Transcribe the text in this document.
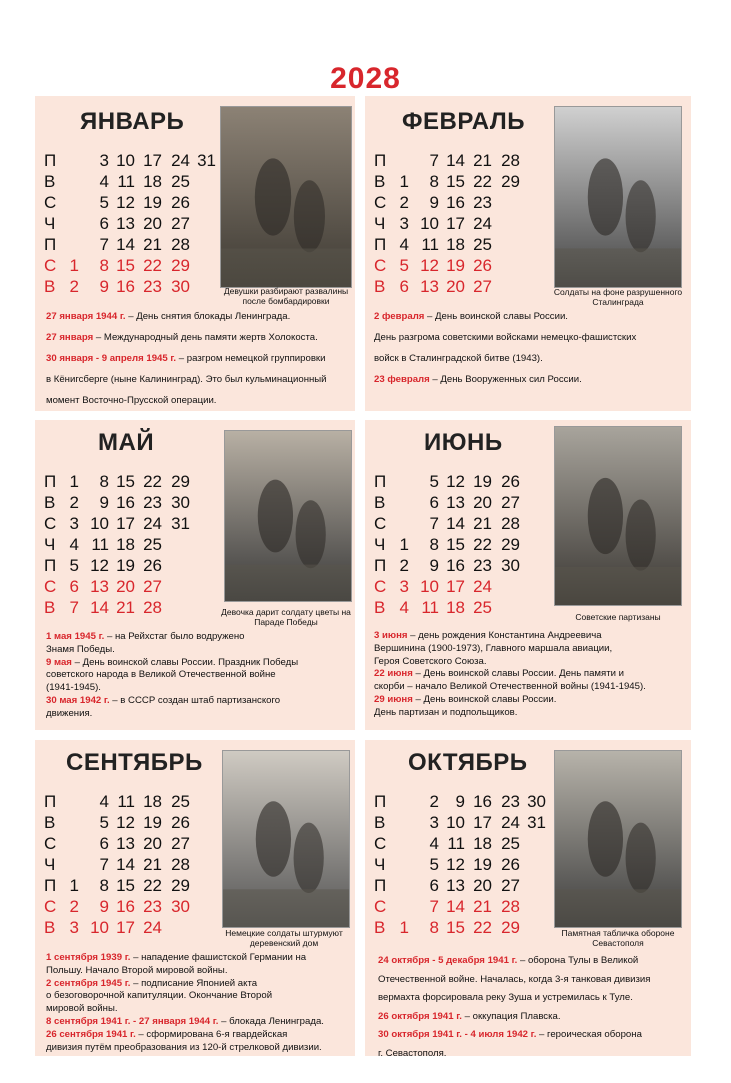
2028
ЯНВАРЬ
П	3 10 17 24 31
В	4 11 18 25
С	5 12 19 26
Ч	6 13 20 27
П	7 14 21 28
С 1	8 15 22 29
В 2	9 16 23 30	Девушки разбирают развалины после бомбардировки
27 января 1944 г. – День снятия блокады Ленинграда.
27 января – Международный день памяти жертв Холокоста.
30 января - 9 апреля 1945 г. – разгром немецкой группировки
в Кёнигсберге (ныне Калининград). Это был кульминационный
момент Восточно-Прусской операции.
ФЕВРАЛЬ
П	7 14 21 28
В 1	8 15 22 29
С 2	9 16 23
Ч 3 10 17 24
П 4 11 18 25
С 5 12 19 26
В 6 13 20 27	Солдаты на фоне разрушенного Сталинграда
2 февраля – День воинской славы России.
День разгрома советскими войсками немецко-фашистских
войск в Сталинградской битве (1943).
23 февраля – День Вооруженных сил России.
МАЙ
П 1	8 15 22 29
В 2	9 16 23 30
С 3 10 17 24 31
Ч 4 11 18 25
П 5 12 19 26
С 6 13 20 27
В 7 14 21 28	Девочка дарит солдату цветы на Параде Победы
1 мая 1945 г. – на Рейхстаг было водружено
Знамя Победы.
9 мая – День воинской славы России. Праздник Победы
советского народа в Великой Отечественной войне
(1941-1945).
30 мая 1942 г. – в СССР создан штаб партизанского
движения.
ИЮНЬ
П	5 12 19 26
В	6 13 20 27
С	7 14 21 28
Ч 1	8 15 22 29
П 2	9 16 23 30
С 3 10 17 24
В 4 11 18 25	Советские партизаны
3 июня – день рождения Константина Андреевича
Вершинина (1900-1973), Главного маршала авиации,
Героя Советского Союза.
22 июня – День воинской славы России. День памяти и
скорби – начало Великой Отечественной войны (1941-1945).
29 июня – День воинской славы России.
День партизан и подпольщиков.
СЕНТЯБРЬ
П	4 11 18 25
В	5 12 19 26
С	6 13 20 27
Ч	7 14 21 28
П 1	8 15 22 29
С 2	9 16 23 30
В 3 10 17 24	Немецкие солдаты штурмуют деревенский дом
1 сентября 1939 г. – нападение фашистской Германии на
Польшу. Начало Второй мировой войны.
2 сентября 1945 г. – подписание Японией акта
о безоговорочной капитуляции. Окончание Второй
мировой войны.
8 сентября 1941 г. - 27 января 1944 г. – блокада Ленинграда.
26 сентября 1941 г. – сформирована 6-я гвардейская
дивизия путём преобразования из 120-й стрелковой дивизии.
ОКТЯБРЬ
П	2 9 16 23 30
В	3 10 17 24 31
С	4 11 18 25
Ч	5 12 19 26
П	6 13 20 27
С	7 14 21 28
В 1	8 15 22 29	Памятная табличка обороне Севастополя
24 октября - 5 декабря 1941 г. – оборона Тулы в Великой
Отечественной войне. Началась, когда 3-я танковая дивизия
вермахта форсировала реку Зуша и устремилась к Туле.
26 октября 1941 г. – оккупация Плавска.
30 октября 1941 г. - 4 июля 1942 г. – героическая оборона
г. Севастополя.
